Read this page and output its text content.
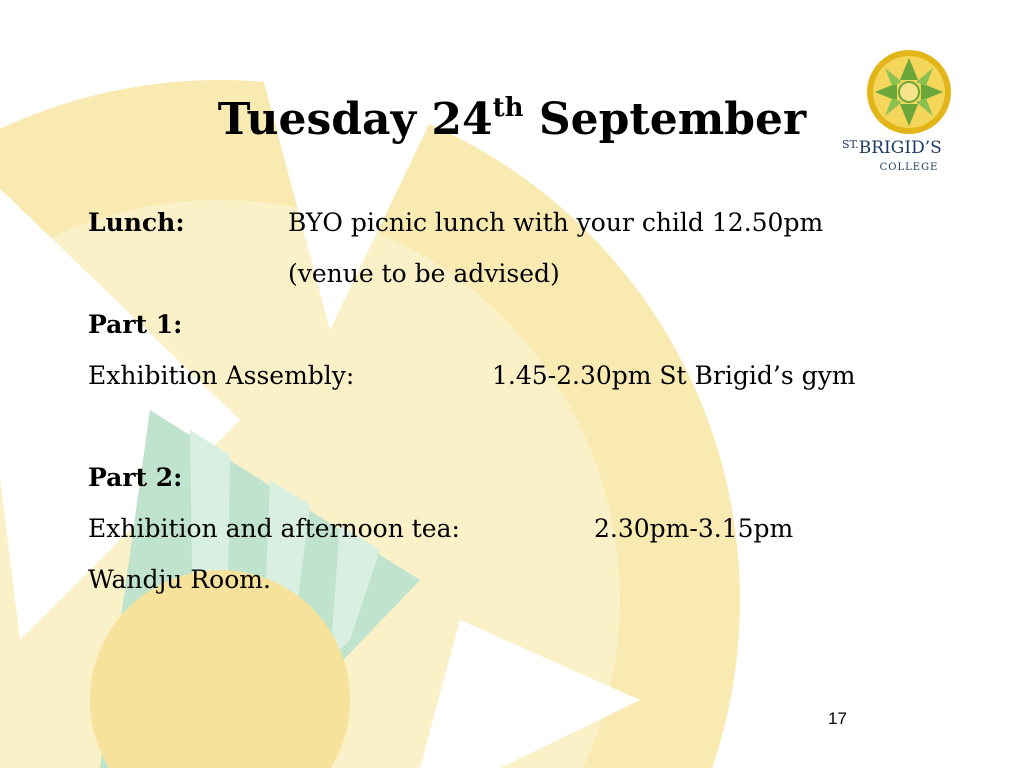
Tuesday 24th September
Lunch:	BYO picnic lunch with your child 12.50pm
(venue to be advised)
Part 1:
Exhibition Assembly:	1.45-2.30pm St Brigid’s gym
Part 2:
Exhibition and afternoon tea:	2.30pm-3.15pm
Wandju Room.
$^{ST.}$BRIGID’S
COLLEGE
17
